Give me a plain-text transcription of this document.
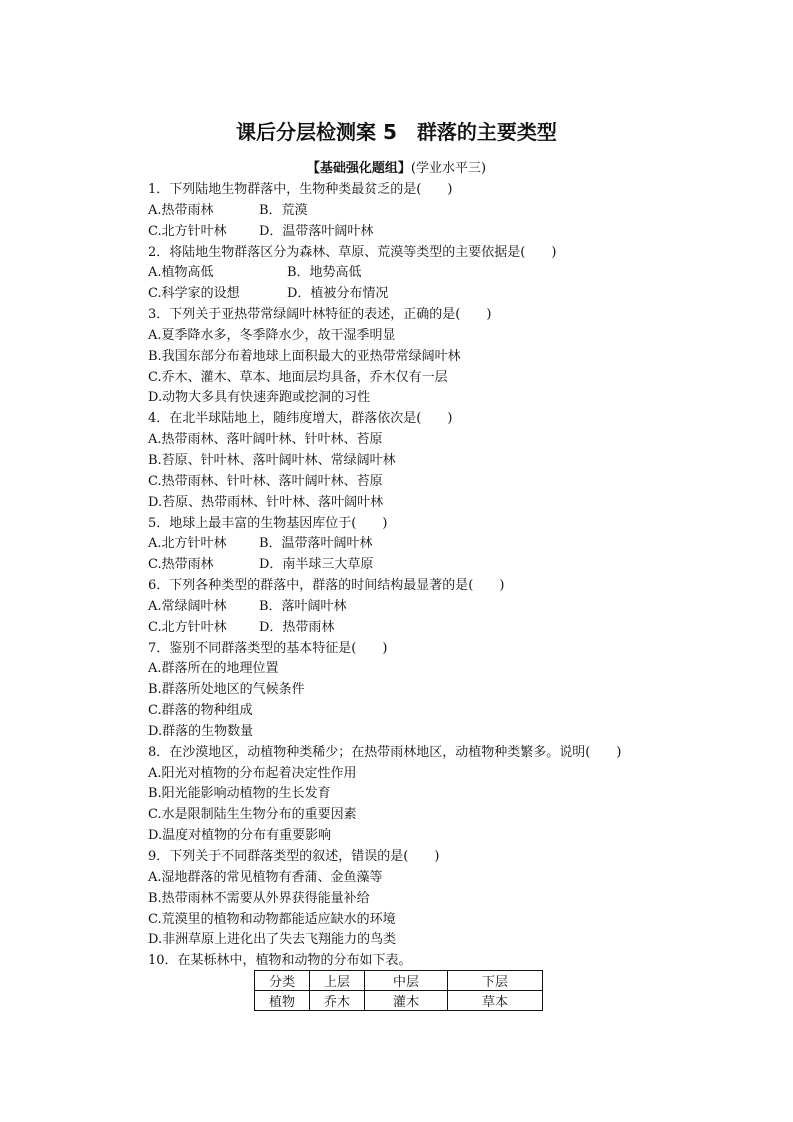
课后分层检测案 5　群落的主要类型
【基础强化题组】(学业水平三)
1．下列陆地生物群落中，生物种类最贫乏的是(　　)
A.热带雨林	B．荒漠
C.北方针叶林 D．温带落叶阔叶林
2．将陆地生物群落区分为森林、草原、荒漠等类型的主要依据是(　　)
A.植物高低	B．地势高低
C.科学家的设想	D．植被分布情况
3．下列关于亚热带常绿阔叶林特征的表述，正确的是(　　)
A.夏季降水多，冬季降水少，故干湿季明显
B.我国东部分布着地球上面积最大的亚热带常绿阔叶林
C.乔木、灌木、草本、地面层均具备，乔木仅有一层
D.动物大多具有快速奔跑或挖洞的习性
4．在北半球陆地上，随纬度增大，群落依次是(　　)
A.热带雨林、落叶阔叶林、针叶林、苔原
B.苔原、针叶林、落叶阔叶林、常绿阔叶林
C.热带雨林、针叶林、落叶阔叶林、苔原
D.苔原、热带雨林、针叶林、落叶阔叶林
5．地球上最丰富的生物基因库位于(　　)
A.北方针叶林 B．温带落叶阔叶林
C.热带雨林	D．南半球三大草原
6．下列各种类型的群落中，群落的时间结构最显著的是(　　)
A.常绿阔叶林 B．落叶阔叶林
C.北方针叶林 D．热带雨林
7．鉴别不同群落类型的基本特征是(　　)
A.群落所在的地理位置
B.群落所处地区的气候条件
C.群落的物种组成
D.群落的生物数量
8．在沙漠地区，动植物种类稀少；在热带雨林地区，动植物种类繁多。说明(　　)
A.阳光对植物的分布起着决定性作用
B.阳光能影响动植物的生长发育
C.水是限制陆生生物分布的重要因素
D.温度对植物的分布有重要影响
9．下列关于不同群落类型的叙述，错误的是(　　)
A.湿地群落的常见植物有香蒲、金鱼藻等
B.热带雨林不需要从外界获得能量补给
C.荒漠里的植物和动物都能适应缺水的环境
D.非洲草原上进化出了失去飞翔能力的鸟类
10．在某栎林中，植物和动物的分布如下表。
分类	上层	中层	下层
植物	乔木	灌木	草本
